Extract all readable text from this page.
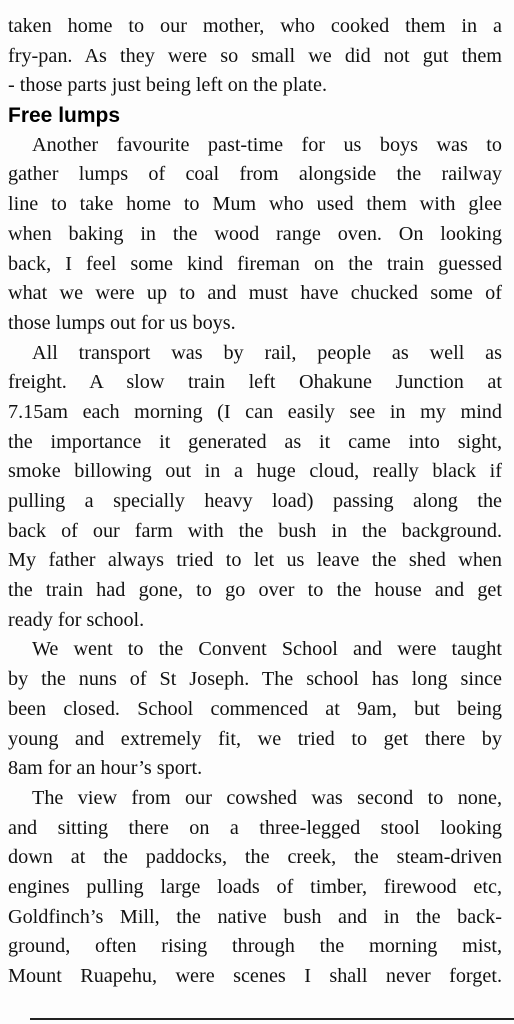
taken home to our mother, who cooked them in a
fry-pan. As they were so small we did not gut them
- those parts just being left on the plate.
Free lumps
Another favourite past-time for us boys was to
gather lumps of coal from alongside the railway
line to take home to Mum who used them with glee
when baking in the wood range oven. On looking
back, I feel some kind fireman on the train guessed
what we were up to and must have chucked some of
those lumps out for us boys.
All transport was by rail, people as well as
freight. A slow train left Ohakune Junction at
7.15am each morning (I can easily see in my mind
the importance it generated as it came into sight,
smoke billowing out in a huge cloud, really black if
pulling a specially heavy load) passing along the
back of our farm with the bush in the background.
My father always tried to let us leave the shed when
the train had gone, to go over to the house and get
ready for school.
We went to the Convent School and were taught
by the nuns of St Joseph. The school has long since
been closed. School commenced at 9am, but being
young and extremely fit, we tried to get there by
8am for an hour’s sport.
The view from our cowshed was second to none,
and sitting there on a three-legged stool looking
down at the paddocks, the creek, the steam-driven
engines pulling large loads of timber, firewood etc,
Goldfinch’s Mill, the native bush and in the back-
ground, often rising through the morning mist,
Mount Ruapehu, were scenes I shall never forget.
